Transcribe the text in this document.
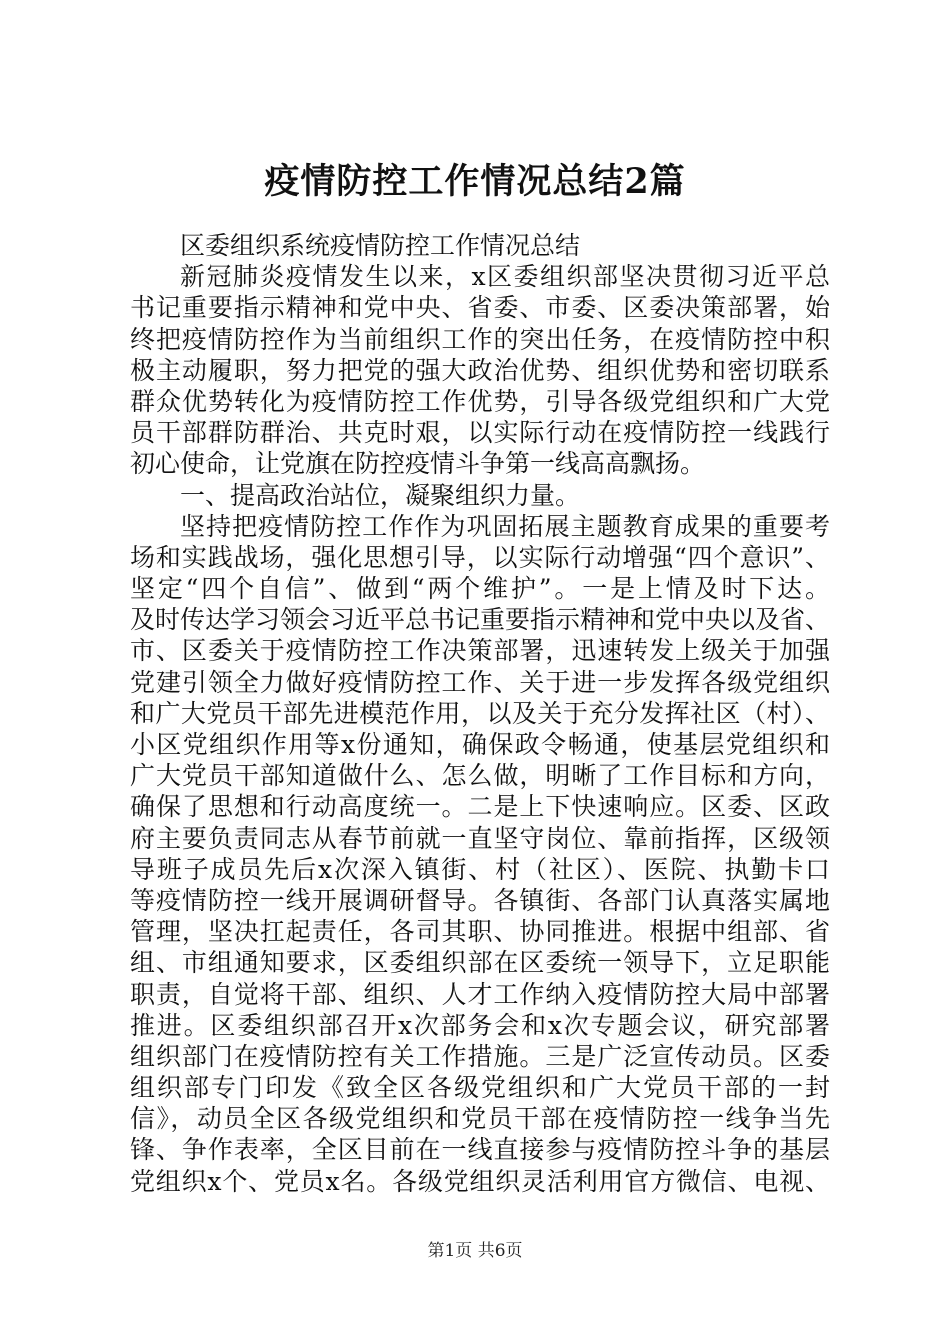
疫情防控工作情况总结2篇
区委组织系统疫情防控工作情况总结
新冠肺炎疫情发生以来，x区委组织部坚决贯彻习近平总
书记重要指示精神和党中央、省委、市委、区委决策部署，始
终把疫情防控作为当前组织工作的突出任务，在疫情防控中积
极主动履职，努力把党的强大政治优势、组织优势和密切联系
群众优势转化为疫情防控工作优势，引导各级党组织和广大党
员干部群防群治、共克时艰，以实际行动在疫情防控一线践行
初心使命，让党旗在防控疫情斗争第一线高高飘扬。
一、提高政治站位，凝聚组织力量。
坚持把疫情防控工作作为巩固拓展主题教育成果的重要考
场和实践战场，强化思想引导，以实际行动增强“四个意识”、
坚定“四个自信”、做到“两个维护”。一是上情及时下达。
及时传达学习领会习近平总书记重要指示精神和党中央以及省、
市、区委关于疫情防控工作决策部署，迅速转发上级关于加强
党建引领全力做好疫情防控工作、关于进一步发挥各级党组织
和广大党员干部先进模范作用，以及关于充分发挥社区（村）、
小区党组织作用等x份通知，确保政令畅通，使基层党组织和
广大党员干部知道做什么、怎么做，明晰了工作目标和方向，
确保了思想和行动高度统一。二是上下快速响应。区委、区政
府主要负责同志从春节前就一直坚守岗位、靠前指挥，区级领
导班子成员先后x次深入镇街、村（社区）、医院、执勤卡口
等疫情防控一线开展调研督导。各镇街、各部门认真落实属地
管理，坚决扛起责任，各司其职、协同推进。根据中组部、省
组、市组通知要求，区委组织部在区委统一领导下，立足职能
职责，自觉将干部、组织、人才工作纳入疫情防控大局中部署
推进。区委组织部召开x次部务会和x次专题会议，研究部署
组织部门在疫情防控有关工作措施。三是广泛宣传动员。区委
组织部专门印发《致全区各级党组织和广大党员干部的一封
信》，动员全区各级党组织和党员干部在疫情防控一线争当先
锋、争作表率，全区目前在一线直接参与疫情防控斗争的基层
党组织x个、党员x名。各级党组织灵活利用官方微信、电视、
第1页 共6页
